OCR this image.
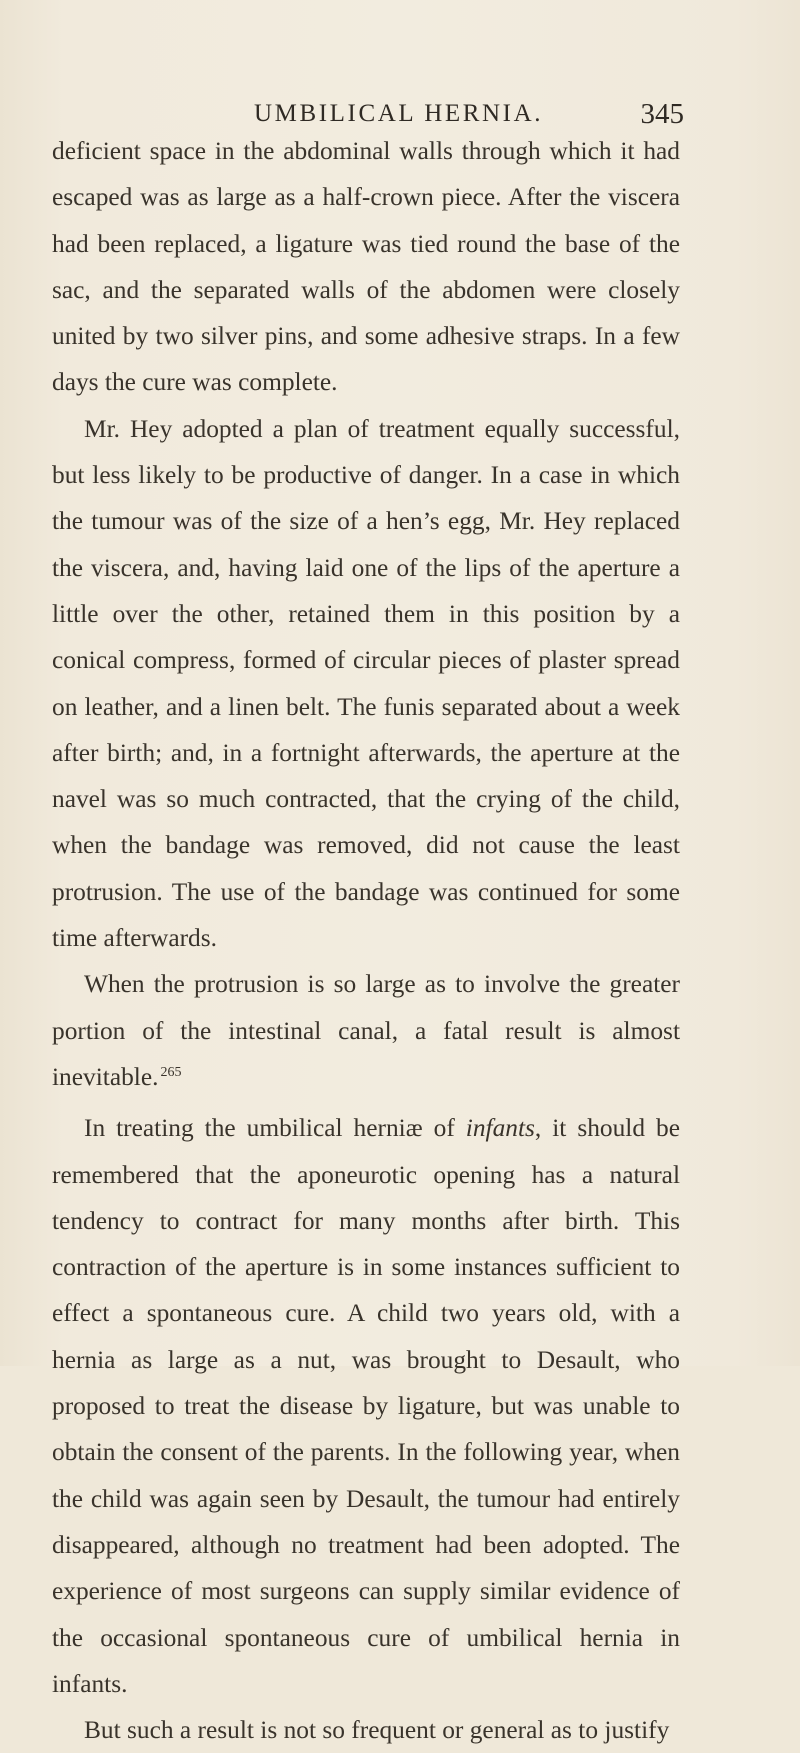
UMBILICAL HERNIA.	345

deficient space in the abdominal walls through which it had escaped was as large as a half-crown piece. After the viscera had been replaced, a ligature was tied round the base of the sac, and the separated walls of the abdomen were closely united by two silver pins, and some adhesive straps. In a few days the cure was complete.

Mr. Hey adopted a plan of treatment equally successful, but less likely to be productive of danger. In a case in which the tumour was of the size of a hen’s egg, Mr. Hey replaced the viscera, and, having laid one of the lips of the aperture a little over the other, retained them in this position by a conical compress, formed of circular pieces of plaster spread on leather, and a linen belt. The funis separated about a week after birth; and, in a fortnight afterwards, the aperture at the navel was so much contracted, that the crying of the child, when the bandage was removed, did not cause the least protrusion. The use of the bandage was continued for some time afterwards.

When the protrusion is so large as to involve the greater portion of the intestinal canal, a fatal result is almost inevitable. $^{265}$

In treating the umbilical herniæ of infants, it should be remembered that the aponeurotic opening has a natural tendency to contract for many months after birth. This contraction of the aperture is in some instances sufficient to effect a spontaneous cure. A child two years old, with a hernia as large as a nut, was brought to Desault, who proposed to treat the disease by ligature, but was unable to obtain the consent of the parents. In the following year, when the child was again seen by Desault, the tumour had entirely disappeared, although no treatment had been adopted. The experience of most surgeons can supply similar evidence of the occasional spontaneous cure of umbilical hernia in infants.

But such a result is not so frequent or general as to justify
